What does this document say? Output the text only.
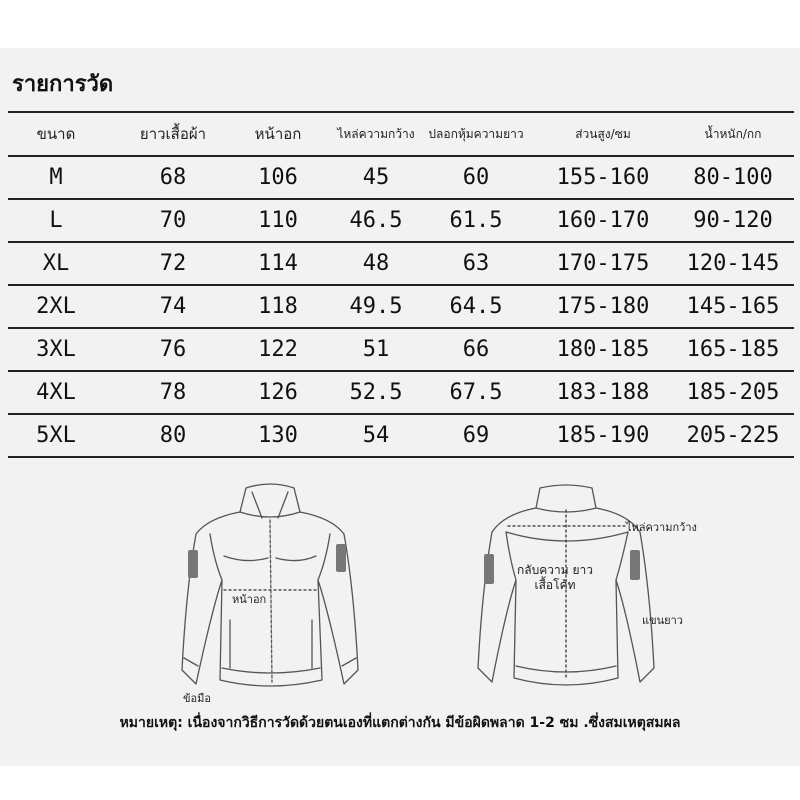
รายการวัด
ขนาด	ยาวเสื้อผ้า	หน้าอก	ไหล่ความกว้าง	ปลอกหุ้มความยาว	ส่วนสูง/ซม	น้ำหนัก/กก
M	68	106	45	60	155-160	80-100
L	70	110	46.5	61.5	160-170	90-120
XL	72	114	48	63	170-175	120-145
2XL	74	118	49.5	64.5	175-180	145-165
3XL	76	122	51	66	180-185	165-185
4XL	78	126	52.5	67.5	183-188	185-205
5XL	80	130	54	69	185-190	205-225
หน้าอก
ข้อมือ
ไหล่ความกว้าง
กลับความ ยาวเสื้อโค้ท
แขนยาว
หมายเหตุ: เนื่องจากวิธีการวัดด้วยตนเองที่แตกต่างกัน มีข้อผิดพลาด 1-2 ซม .ซึ่งสมเหตุสมผล
